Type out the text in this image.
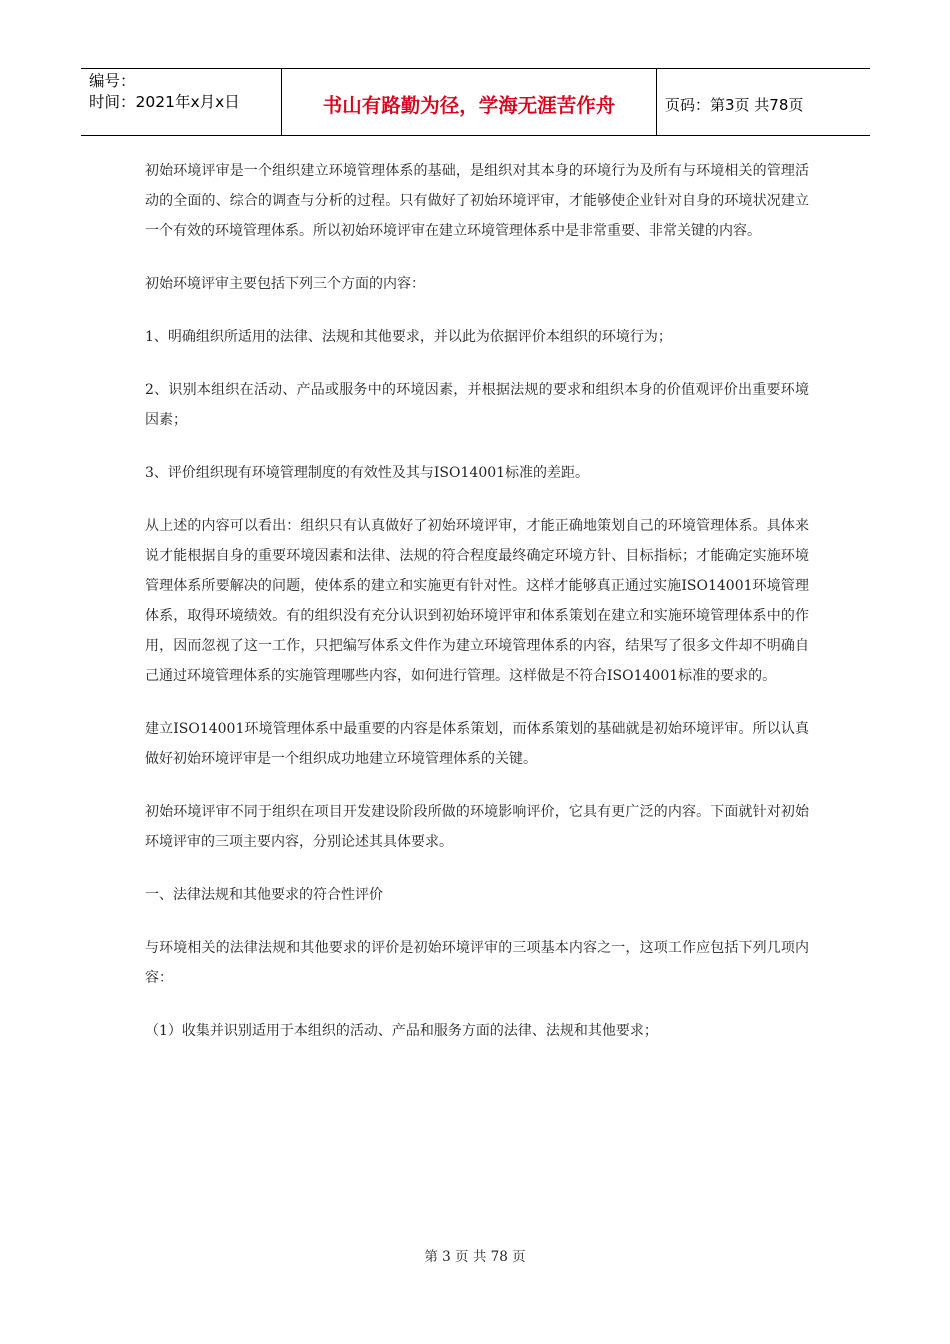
编号：
时间：2021年x月x日	书山有路勤为径，学海无涯苦作舟	页码：第3页 共78页

初始环境评审是一个组织建立环境管理体系的基础，是组织对其本身的环境行为及所有与环境相关的管理活动的全面的、综合的调查与分析的过程。只有做好了初始环境评审，才能够使企业针对自身的环境状况建立一个有效的环境管理体系。所以初始环境评审在建立环境管理体系中是非常重要、非常关键的内容。

初始环境评审主要包括下列三个方面的内容：

1、明确组织所适用的法律、法规和其他要求，并以此为依据评价本组织的环境行为；

2、识别本组织在活动、产品或服务中的环境因素，并根据法规的要求和组织本身的价值观评价出重要环境因素；

3、评价组织现有环境管理制度的有效性及其与ISO14001标准的差距。

从上述的内容可以看出：组织只有认真做好了初始环境评审，才能正确地策划自己的环境管理体系。具体来说才能根据自身的重要环境因素和法律、法规的符合程度最终确定环境方针、目标指标；才能确定实施环境管理体系所要解决的问题，使体系的建立和实施更有针对性。这样才能够真正通过实施ISO14001环境管理体系，取得环境绩效。有的组织没有充分认识到初始环境评审和体系策划在建立和实施环境管理体系中的作用，因而忽视了这一工作，只把编写体系文件作为建立环境管理体系的内容，结果写了很多文件却不明确自己通过环境管理体系的实施管理哪些内容，如何进行管理。这样做是不符合ISO14001标准的要求的。

建立ISO14001环境管理体系中最重要的内容是体系策划，而体系策划的基础就是初始环境评审。所以认真做好初始环境评审是一个组织成功地建立环境管理体系的关键。

初始环境评审不同于组织在项目开发建设阶段所做的环境影响评价，它具有更广泛的内容。下面就针对初始环境评审的三项主要内容，分别论述其具体要求。

一、法律法规和其他要求的符合性评价

与环境相关的法律法规和其他要求的评价是初始环境评审的三项基本内容之一，这项工作应包括下列几项内容：

（1）收集并识别适用于本组织的活动、产品和服务方面的法律、法规和其他要求；

第 3 页 共 78 页
